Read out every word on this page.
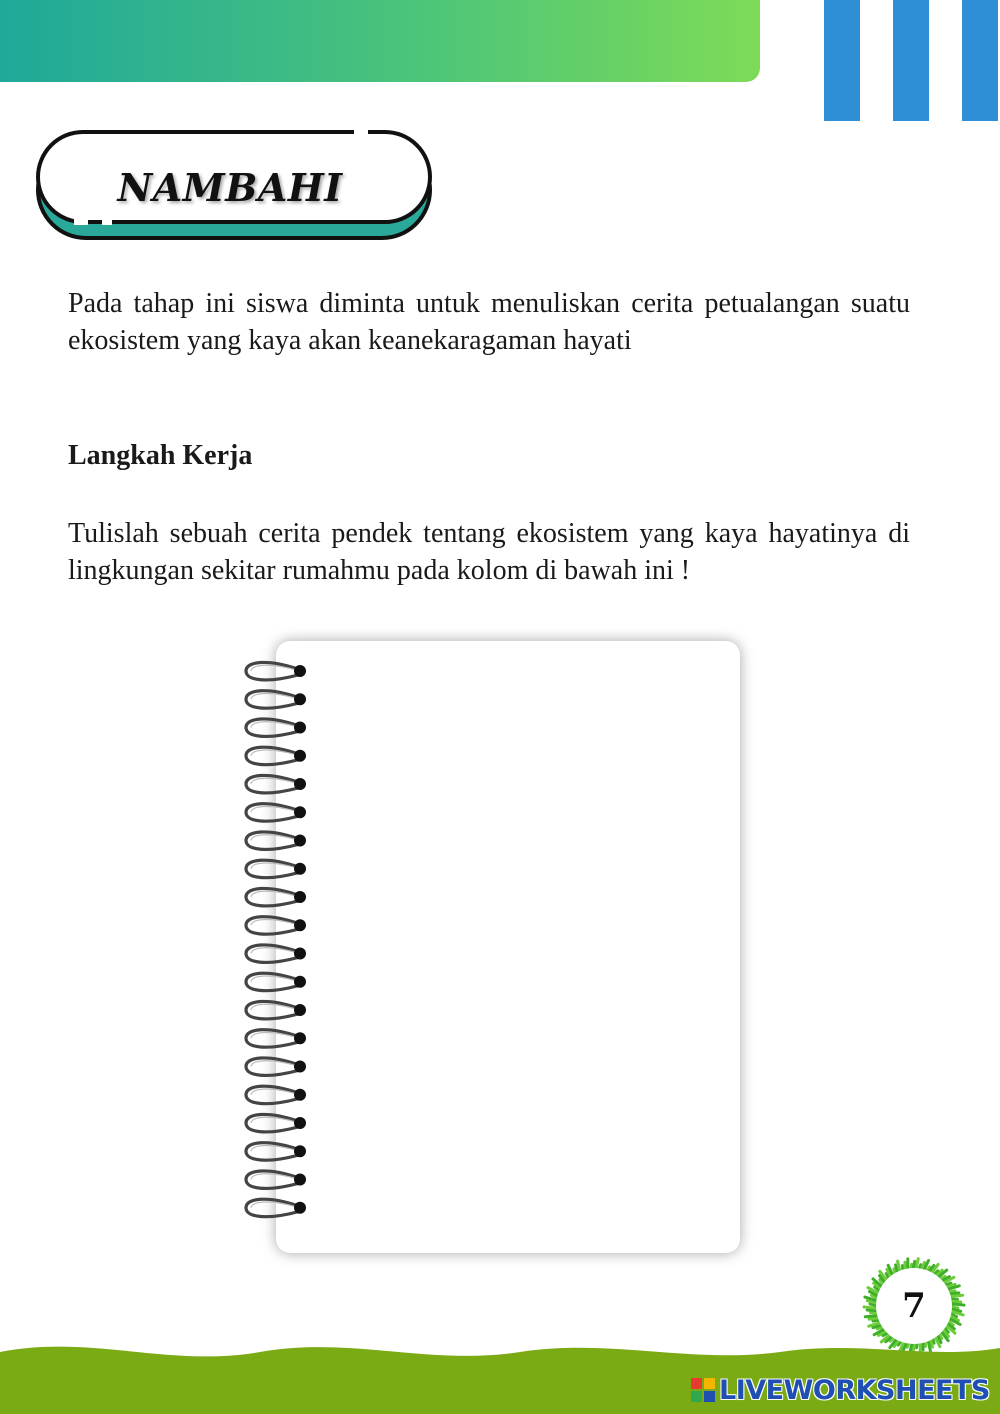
NAMBAHI

Pada tahap ini siswa diminta untuk menuliskan cerita petualangan suatu ekosistem yang kaya akan keanekaragaman hayati

Langkah Kerja

Tulislah sebuah cerita pendek tentang ekosistem yang kaya hayatinya di lingkungan sekitar rumahmu pada kolom di bawah ini !

7
LIVEWORKSHEETS
